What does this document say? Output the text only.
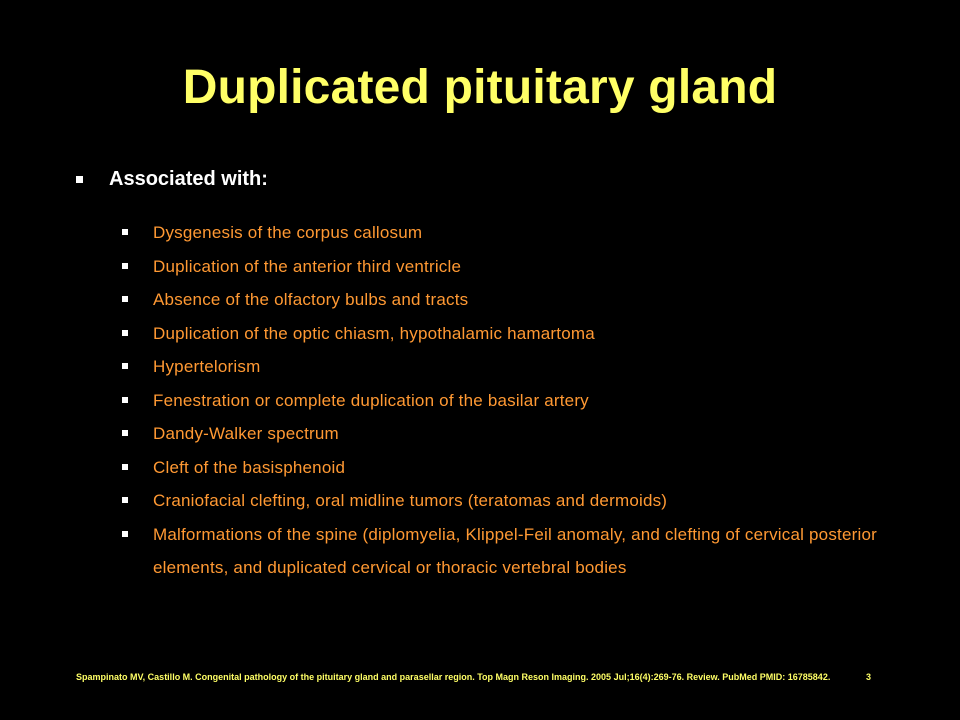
Duplicated pituitary gland
Associated with:
Dysgenesis of the corpus callosum
Duplication of the anterior third ventricle
Absence of the olfactory bulbs and tracts
Duplication of the optic chiasm, hypothalamic hamartoma
Hypertelorism
Fenestration or complete duplication of the basilar artery
Dandy-Walker spectrum
Cleft of the basisphenoid
Craniofacial clefting, oral midline tumors (teratomas and dermoids)
Malformations of the spine (diplomyelia, Klippel-Feil anomaly, and clefting of cervical posterior elements, and duplicated cervical or thoracic vertebral bodies
Spampinato MV, Castillo M. Congenital pathology of the pituitary gland and parasellar region. Top Magn Reson Imaging. 2005 Jul;16(4):269-76. Review. PubMed PMID: 16785842.	3
